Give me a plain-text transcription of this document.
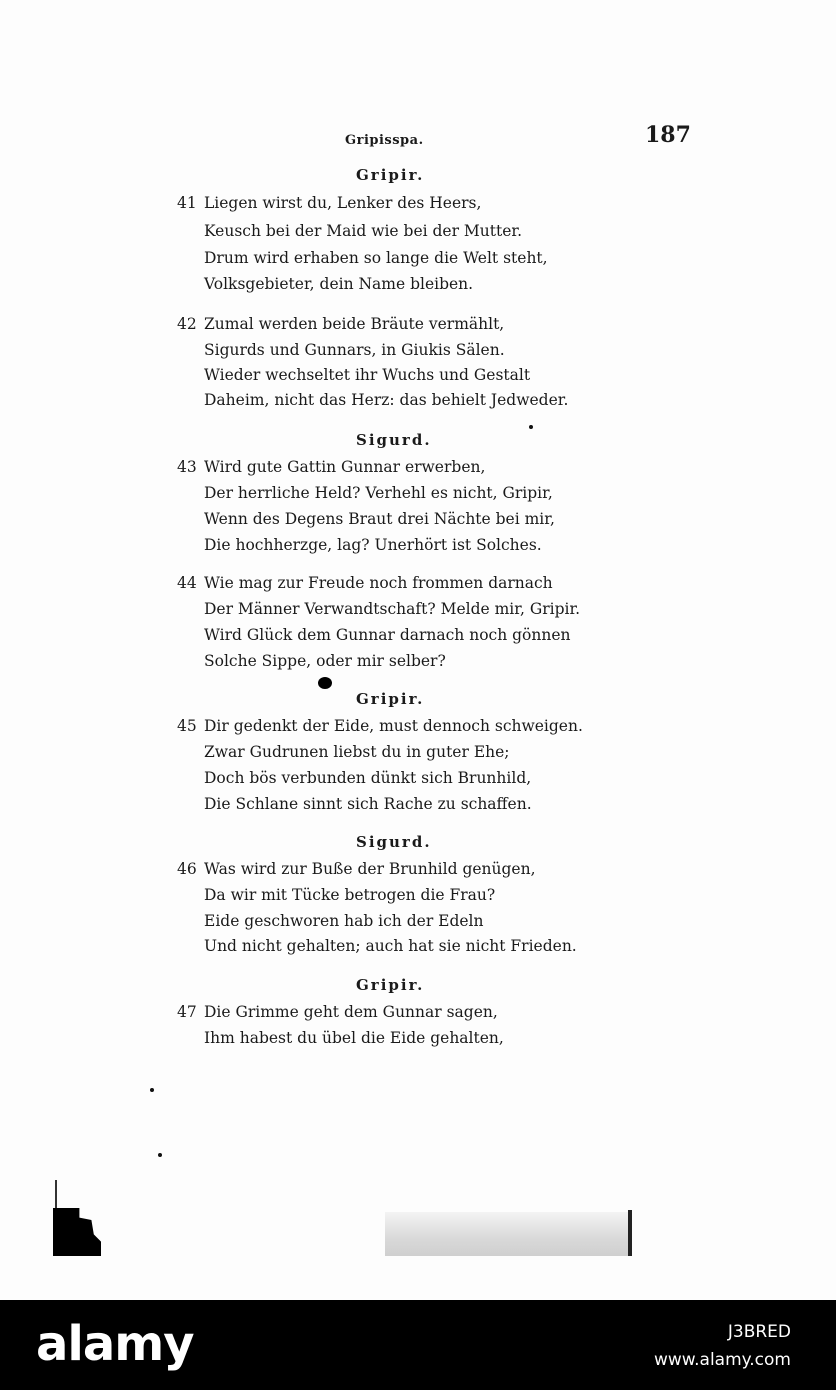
Gripisspa.	187
Gripir.
41 Liegen wirst du, Lenker des Heers,
Keusch bei der Maid wie bei der Mutter.
Drum wird erhaben so lange die Welt steht,
Volksgebieter, dein Name bleiben.
42 Zumal werden beide Bräute vermählt,
Sigurds und Gunnars, in Giukis Sälen.
Wieder wechseltet ihr Wuchs und Gestalt
Daheim, nicht das Herz: das behielt Jedweder.
Sigurd.
43 Wird gute Gattin Gunnar erwerben,
Der herrliche Held? Verhehl es nicht, Gripir,
Wenn des Degens Braut drei Nächte bei mir,
Die hochherzge, lag? Unerhört ist Solches.
44 Wie mag zur Freude noch frommen darnach
Der Männer Verwandtschaft? Melde mir, Gripir.
Wird Glück dem Gunnar darnach noch gönnen
Solche Sippe, oder mir selber?
Gripir.
45 Dir gedenkt der Eide, must dennoch schweigen.
Zwar Gudrunen liebst du in guter Ehe;
Doch bös verbunden dünkt sich Brunhild,
Die Schlane sinnt sich Rache zu schaffen.
Sigurd.
46 Was wird zur Buße der Brunhild genügen,
Da wir mit Tücke betrogen die Frau?
Eide geschworen hab ich der Edeln
Und nicht gehalten; auch hat sie nicht Frieden.
Gripir.
47 Die Grimme geht dem Gunnar sagen,
Ihm habest du übel die Eide gehalten,
alamy	J3BRED
www.alamy.com
